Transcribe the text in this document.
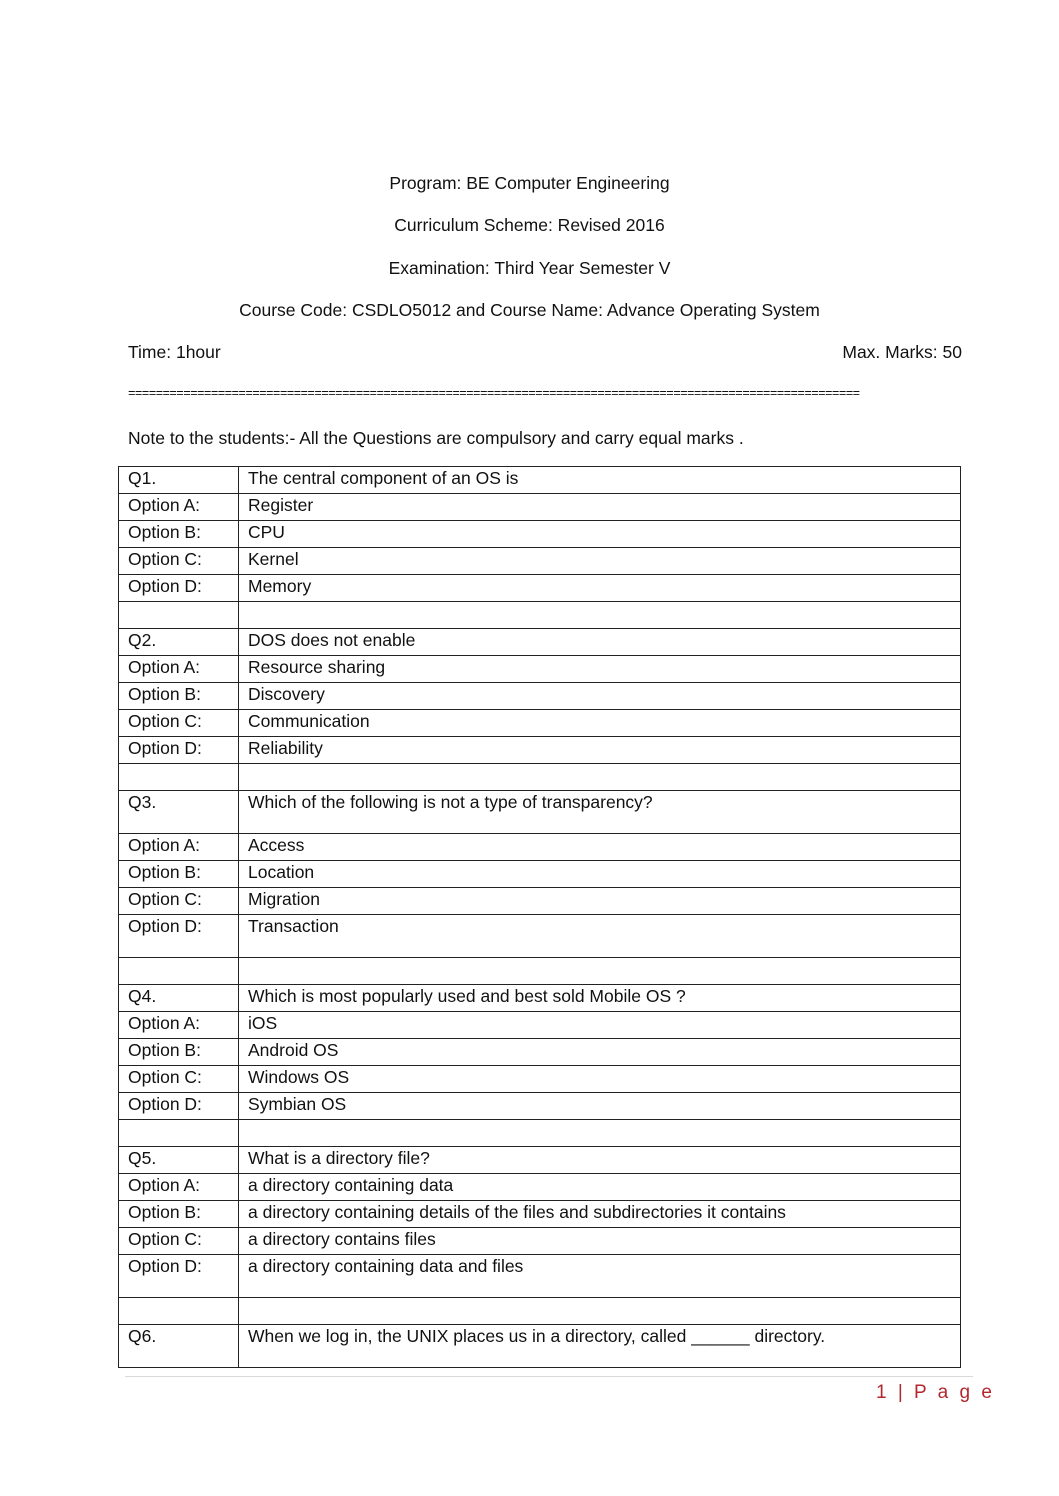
Program: BE Computer Engineering
Curriculum Scheme: Revised 2016
Examination: Third Year Semester V
Course Code: CSDLO5012 and Course Name: Advance Operating System
Time: 1hour	Max. Marks: 50
==========================================================================================================
Note to the students:- All the Questions are compulsory and carry equal marks .
Q1.	The central component of an OS is
Option A:	Register
Option B:	CPU
Option C:	Kernel
Option D:	Memory

Q2.	DOS does not enable
Option A:	Resource sharing
Option B:	Discovery
Option C:	Communication
Option D:	Reliability

Q3.	Which of the following is not a type of transparency?
Option A:	Access
Option B:	Location
Option C:	Migration
Option D:	Transaction

Q4.	Which is most popularly used and best sold Mobile OS ?
Option A:	iOS
Option B:	Android OS
Option C:	Windows OS
Option D:	Symbian OS

Q5.	What is a directory file?
Option A:	a directory containing data
Option B:	a directory containing details of the files and subdirectories it contains
Option C:	a directory contains files
Option D:	a directory containing data and files

Q6.	When we log in, the UNIX places us in a directory, called ______ directory.
1 | P a g e
